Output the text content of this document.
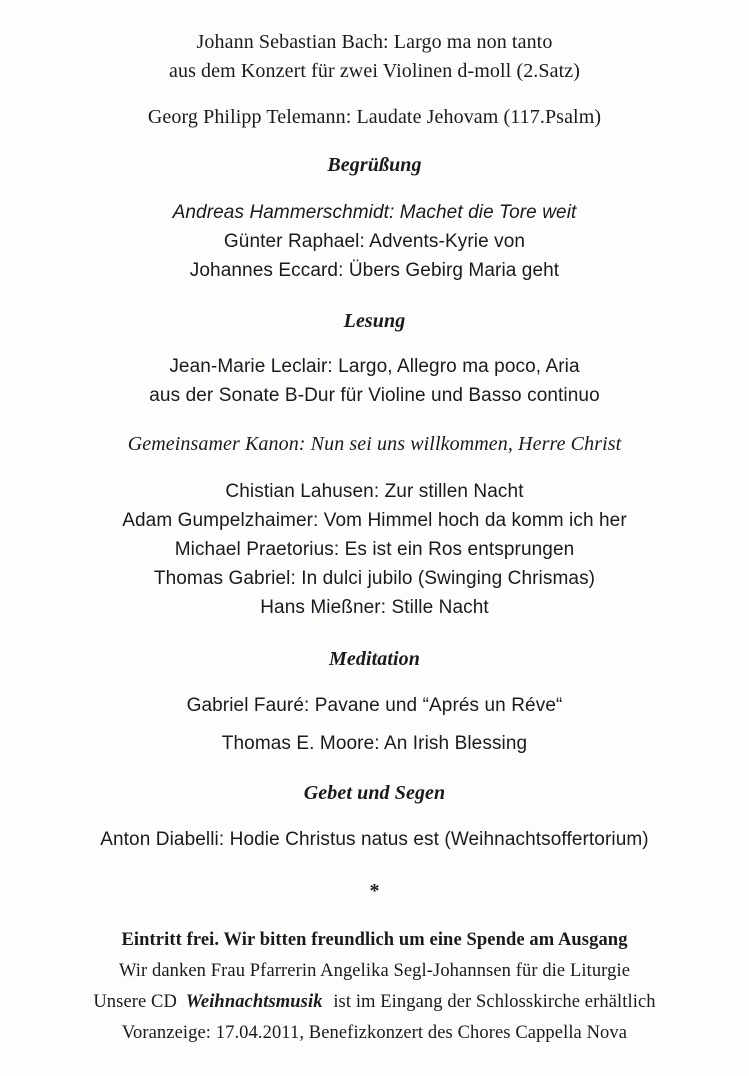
Johann Sebastian Bach: Largo ma non tanto
aus dem Konzert für zwei Violinen d-moll (2.Satz)
Georg Philipp Telemann: Laudate Jehovam (117.Psalm)
Begrüßung
Andreas Hammerschmidt: Machet die Tore weit
Günter Raphael: Advents-Kyrie von
Johannes Eccard: Übers Gebirg Maria geht
Lesung
Jean-Marie Leclair: Largo, Allegro ma poco, Aria
aus der Sonate B-Dur für Violine und Basso continuo
Gemeinsamer Kanon: Nun sei uns willkommen, Herre Christ
Chistian Lahusen: Zur stillen Nacht
Adam Gumpelzhaimer: Vom Himmel hoch da komm ich her
Michael Praetorius: Es ist ein Ros entsprungen
Thomas Gabriel: In dulci jubilo (Swinging Chrismas)
Hans Mießner: Stille Nacht
Meditation
Gabriel Fauré: Pavane und “Aprés un Réve“
Thomas E. Moore: An Irish Blessing
Gebet und Segen
Anton Diabelli: Hodie Christus natus est (Weihnachtsoffertorium)
*
Eintritt frei. Wir bitten freundlich um eine Spende am Ausgang
Wir danken Frau Pfarrerin Angelika Segl-Johannsen für die Liturgie
Unsere CD Weihnachtsmusik ist im Eingang der Schlosskirche erhältlich
Voranzeige: 17.04.2011, Benefizkonzert des Chores Cappella Nova
